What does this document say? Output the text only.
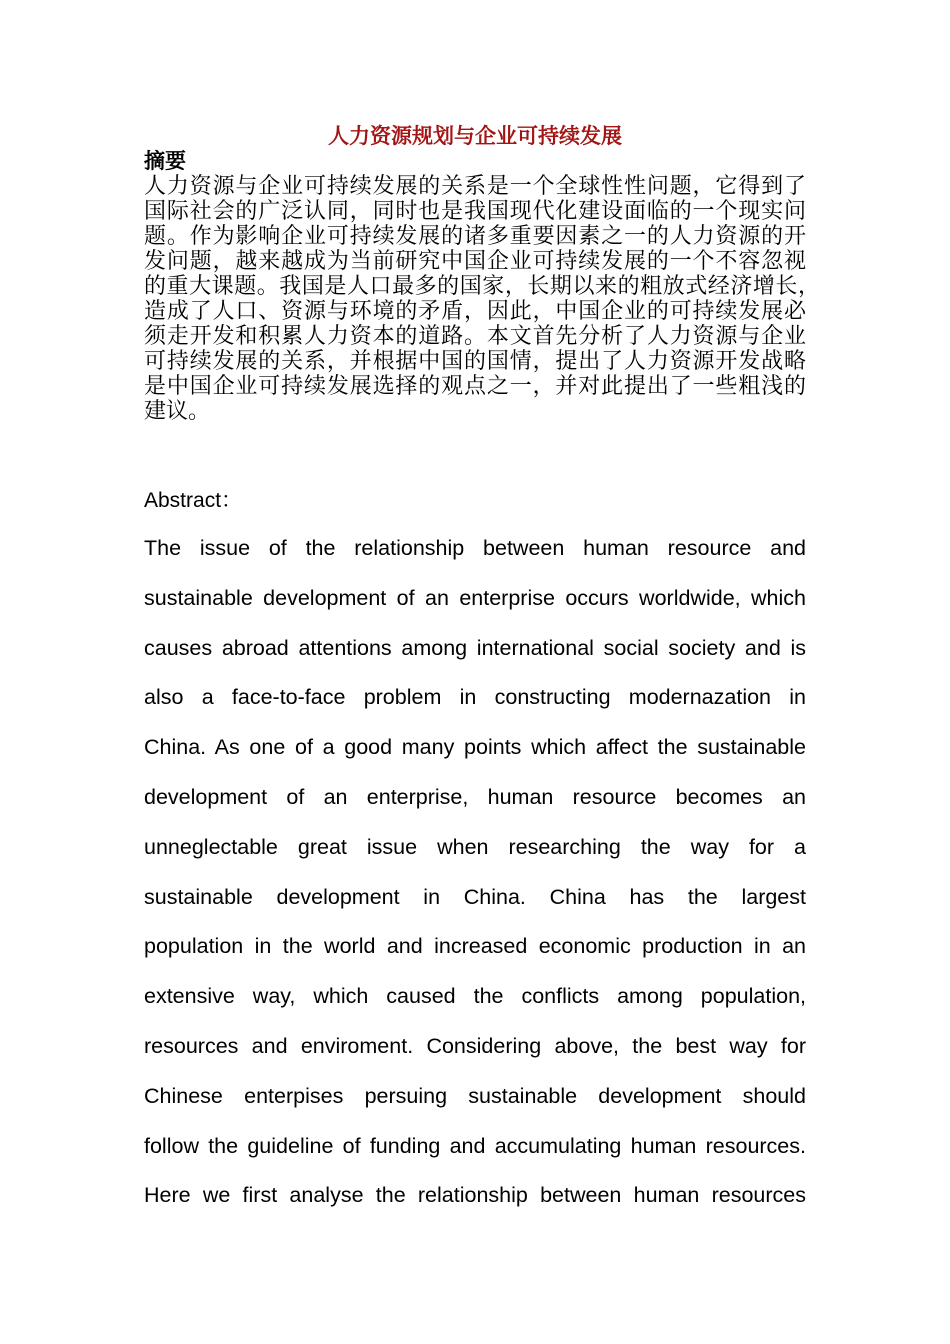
人力资源规划与企业可持续发展
摘要
人力资源与企业可持续发展的关系是一个全球性性问题，它得到了
国际社会的广泛认同，同时也是我国现代化建设面临的一个现实问
题。作为影响企业可持续发展的诸多重要因素之一的人力资源的开
发问题，越来越成为当前研究中国企业可持续发展的一个不容忽视
的重大课题。我国是人口最多的国家，长期以来的粗放式经济增长，
造成了人口、资源与环境的矛盾，因此，中国企业的可持续发展必
须走开发和积累人力资本的道路。本文首先分析了人力资源与企业
可持续发展的关系，并根据中国的国情，提出了人力资源开发战略
是中国企业可持续发展选择的观点之一，并对此提出了一些粗浅的
建议。
Abstract：
The issue of the relationship between human resource and
sustainable development of an enterprise occurs worldwide, which
causes abroad attentions among international social society and is
also a face-to-face problem in constructing modernazation in
China. As one of a good many points which affect the sustainable
development of an enterprise, human resource becomes an
unneglectable great issue when researching the way for a
sustainable development in China. China has the largest
population in the world and increased economic production in an
extensive way, which caused the conflicts among population,
resources and enviroment. Considering above, the best way for
Chinese enterpises persuing sustainable development should
follow the guideline of funding and accumulating human resources.
Here we first analyse the relationship between human resources
